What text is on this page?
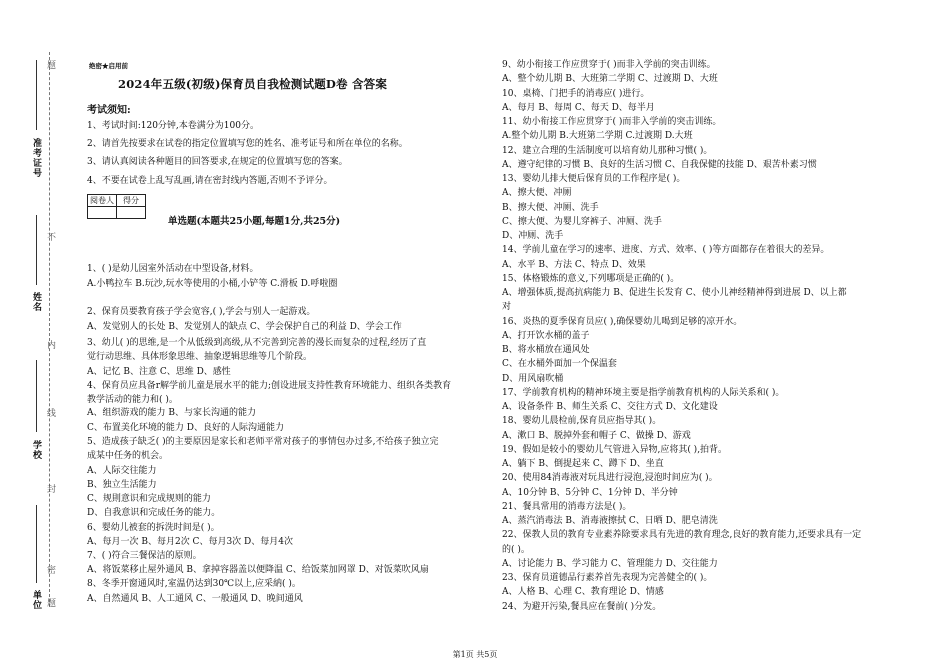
准考证号
姓名
学校
单位
题
不
内
线
封
密
题
绝密★启用前
2024年五级(初级)保育员自我检测试题D卷 含答案
考试须知:
1、考试时间:120分钟,本卷满分为100分。
2、请首先按要求在试卷的指定位置填写您的姓名、准考证号和所在单位的名称。
3、请认真阅读各种题目的回答要求,在规定的位置填写您的答案。
4、不要在试卷上乱写乱画,请在密封线内答题,否则不予评分。
阅卷人	得分

单选题(本题共25小题,每题1分,共25分)
1、( )是幼儿园室外活动在中型设备,材料。
A.小鸭拉车 B.玩沙,玩水等使用的小桶,小铲等 C.滑板 D.呼啦圈
2、保育员要教育孩子学会宽容,( ),学会与别人一起游戏。
A、发觉别人的长处 B、发觉别人的缺点 C、学会保护自己的利益 D、学会工作
3、幼儿( )的思维,是一个从低级到高级,从不完善到完善的漫长而复杂的过程,经历了直
觉行动思维、具体形象思维、抽象逻辑思维等几个阶段。
A、记忆 B、注意 C、思维 D、感性
4、保育员应具备r解学前儿童是展水平的能力;创设进展支持性教育环境能力、组织各类教育
教学活动的能力和( )。
A、组织游戏的能力 B、与家长沟通的能力
C、布置美化环境的能力 D、良好的人际沟通能力
5、造成孩子缺乏( )的主要原因是家长和老师平常对孩子的事情包办过多,不给孩子独立完
成某中任务的机会。
A、人际交往能力
B、独立生活能力
C、规則意识和完成规则的能力
D、自我意识和完成任务的能力。
6、婴幼儿被套的拆洗时间是( )。
A、每月一次 B、每月2次 C、每月3次 D、每月4次
7、( )符合三餐保洁的原则。
A、将饭菜移止屋外通风 B、拿掉容器盖以便降温 C、给饭菜加网罩 D、对饭菜吹风扇
8、冬季开窗通风时,室温仍达到30℃以上,应采納( )。
A、自然通风 B、人工通风 C、一般通风 D、晚间通风
9、幼小衔接工作应贯穿于( )而非入学前的突击训练。
A、整个幼儿期 B、大班第二学期 C、过渡期 D、大班
10、桌椅、门把手的消毒应( )进行。
A、每月 B、每周 C、每天 D、每半月
11、幼小衔接工作应贯穿于( )而非入学前的突击训练。
A.整个幼儿期 B.大班第二学期 C.过渡期 D.大班
12、建立合理的生活制度可以培育幼儿那种习惯( )。
A、遵守纪律的习惯 B、良好的生活习惯 C、自我保健的技能 D、艰苦朴素习惯
13、婴幼儿排大便后保育员的工作程序是( )。
A、擦大便、冲厕
B、擦大便、冲厕、洗手
C、擦大便、为婴儿穿裤子、冲厕、洗手
D、冲厕、洗手
14、学前儿童在学习的速率、进度、方式、效率、( )等方面都存在着很大的差异。
A、水平 B、方法 C、特点 D、效果
15、体格锻炼的意义,下列哪项是正确的( )。
A、增强体质,提高抗病能力 B、促进生长发育 C、使小儿神经精神得到进展 D、以上都
对
16、炎热的夏季保育员应( ),确保婴幼儿喝到足够的凉开水。
A、打开饮水桶的盖子
B、将水桶放在通风处
C、在水桶外面加一个保温套
D、用风扇吹桶
17、学前教育机构的精神环境主要是指学前教育机构的人际关系和( )。
A、设备条件 B、师生关系 C、交往方式 D、文化建设
18、婴幼儿晨检前,保育员应指导其( )。
A、漱口 B、脱掉外套和帽子 C、做操 D、游戏
19、假如是较小的婴幼儿气管进入异物,应将其( ),拍背。
A、躺下 B、倒提起来 C、蹲下 D、坐直
20、使用84消毒液对玩具进行浸泡,浸泡时间应为( )。
A、10分钟 B、5分钟 C、1分钟 D、半分钟
21、餐具常用的消毒方法是( )。
A、蒸汽消毒法 B、消毒液擦拭 C、日晒 D、肥皂清洗
22、保教人员的教育专业素养除要求具有先进的教育理念,良好的教育能力,还要求具有一定
的( )。
A、讨论能力 B、学习能力 C、管理能力 D、交往能力
23、保育员道德品行素养首先表现为完善健全的( )。
A、人格 B、心理 C、教育理论 D、情感
24、为避开污染,餐具应在餐前( )分发。
第1页 共5页
